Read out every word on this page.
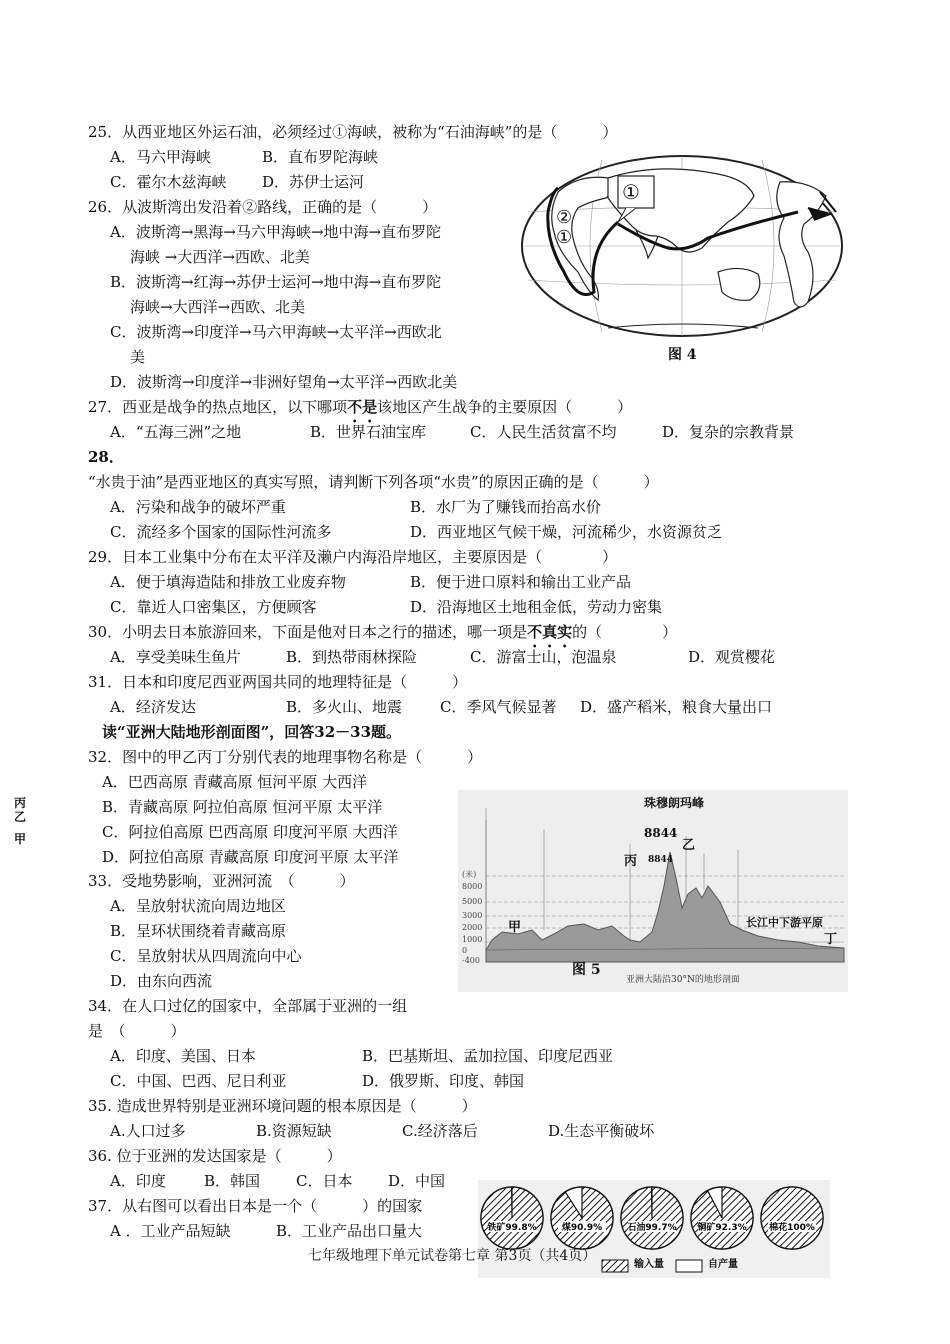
25．从西亚地区外运石油，必须经过①海峡，被称为“石油海峡”的是（　　　）
A．马六甲海峡	B．直布罗陀海峡
C．霍尔木兹海峡 D．苏伊士运河
26．从波斯湾出发沿着②路线，正确的是（　　　）
A．波斯湾→黑海→马六甲海峡→地中海→直布罗陀
海峡 →大西洋→西欧、北美
B．波斯湾→红海→苏伊士运河→地中海→直布罗陀
海峡→大西洋→西欧、北美
C．波斯湾→印度洋→马六甲海峡→太平洋→西欧北
美
D．波斯湾→印度洋→非洲好望角→太平洋→西欧北美
①
②
①
图 4
27．西亚是战争的热点地区，以下哪项不是该地区产生战争的主要原因（　　　）
A．“五海三洲”之地	B．世界石油宝库	C．人民生活贫富不均	D．复杂的宗教背景
28．
“水贵于油”是西亚地区的真实写照，请判断下列各项“水贵”的原因正确的是（　　　）
A．污染和战争的破坏严重	B．水厂为了赚钱而抬高水价
C．流经多个国家的国际性河流多	D．西亚地区气候干燥，河流稀少，水资源贫乏
29．日本工业集中分布在太平洋及濑户内海沿岸地区，主要原因是（　　　　）
A．便于填海造陆和排放工业废弃物	B．便于进口原料和输出工业产品
C．靠近人口密集区，方便顾客	D．沿海地区土地租金低，劳动力密集
30．小明去日本旅游回来，下面是他对日本之行的描述，哪一项是不真实的（　　　　）
A．享受美味生鱼片	B．到热带雨林探险	C．游富士山，泡温泉	D．观赏樱花
31．日本和印度尼西亚两国共同的地理特征是（　　　）
A．经济发达	B．多火山、地震	C．季风气候显著 D．盛产稻米，粮食大量出口
读“亚洲大陆地形剖面图”，回答32－33题。
32．图中的甲乙丙丁分别代表的地理事物名称是（　　　）
A．巴西高原 青藏高原 恒河平原 大西洋
B．青藏高原 阿拉伯高原 恒河平原 太平洋
C．阿拉伯高原 巴西高原 印度河平原 大西洋
D．阿拉伯高原 青藏高原 印度河平原 太平洋
丙
乙
甲
(米)
8000
5000
3000
2000
1000
0
-400
珠穆朗玛峰
8844
丙 8844
乙
甲	长江中下游平原
丁
图 5
亚洲大陆沿30°N的地形剖面
33．受地势影响，亚洲河流　（　　　）
A．呈放射状流向周边地区
B．呈环状围绕着青藏高原
C．呈放射状从四周流向中心
D．由东向西流
34．在人口过亿的国家中，全部属于亚洲的一组
是　（　　　）
A．印度、美国、日本	B．巴基斯坦、孟加拉国、印度尼西亚
C．中国、巴西、尼日利亚	D．俄罗斯、印度、韩国
35. 造成世界特别是亚洲环境问题的根本原因是（　　　）
A.人口过多	B.资源短缺	C.经济落后	D.生态平衡破坏
36. 位于亚洲的发达国家是（　　　）
A．印度	B．韩国 C．日本 D．中国
37．从右图可以看出日本是一个（　　　）的国家
A ．工业产品短缺	B．工业产品出口量大	铁矿99.8%	煤90.9%	石油99.7% 铜矿92.3% 棉花100%
输入量	自产量
七年级地理下单元试卷第七章 第3页（共4页）
